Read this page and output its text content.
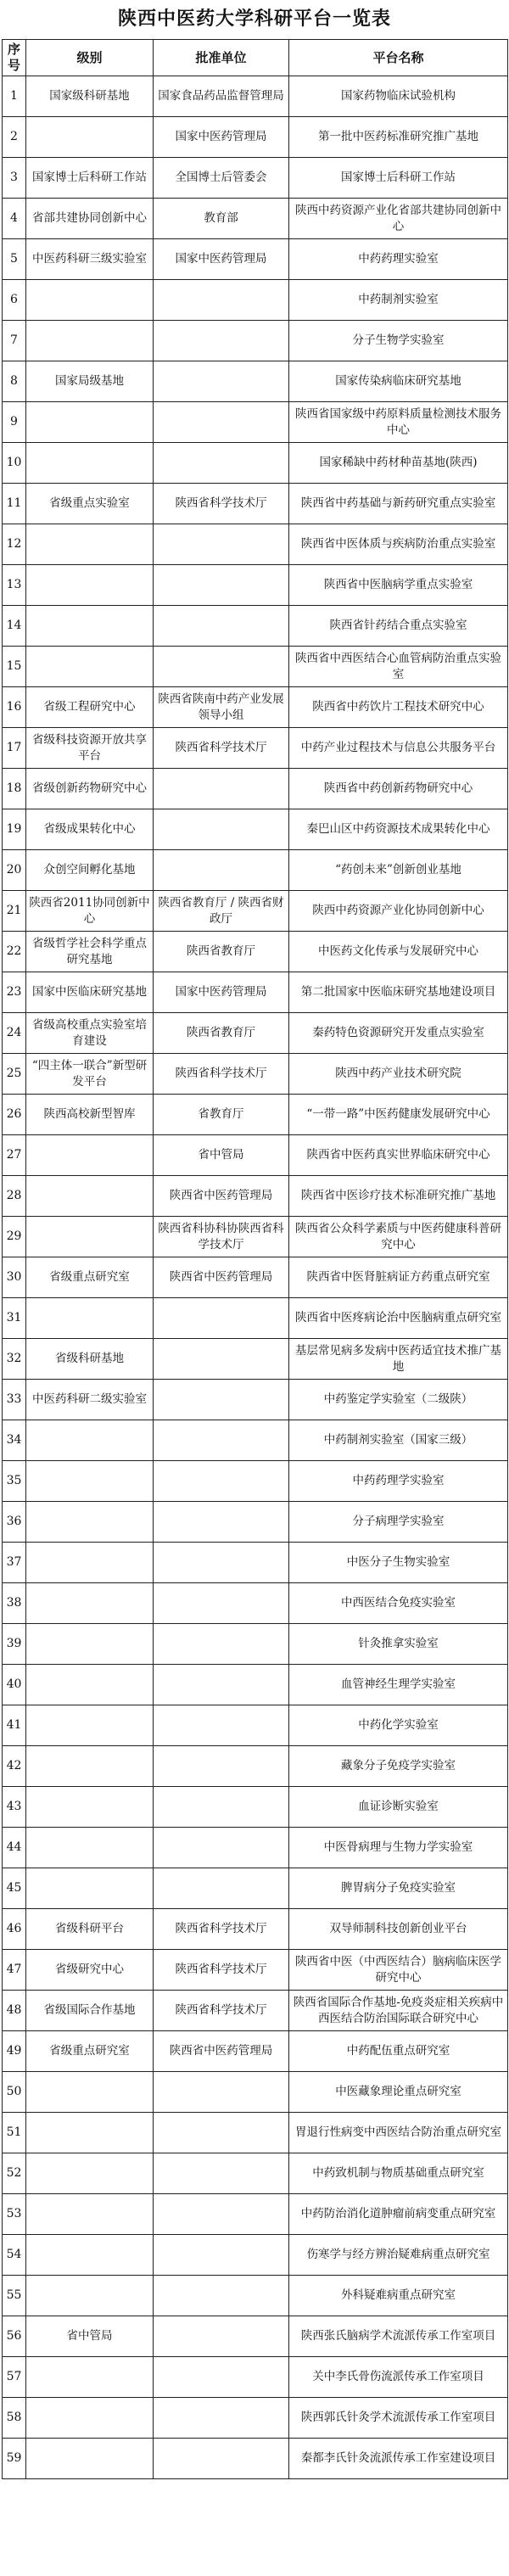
陕西中医药大学科研平台一览表
序号	级别	批准单位	平台名称
1	国家级科研基地	国家食品药品监督管理局	国家药物临床试验机构
2		国家中医药管理局	第一批中医药标准研究推广基地
3	国家博士后科研工作站	全国博士后管委会	国家博士后科研工作站
4	省部共建协同创新中心	教育部	陕西中药资源产业化省部共建协同创新中心
5	中医药科研三级实验室	国家中医药管理局	中药药理实验室
6			中药制剂实验室
7			分子生物学实验室
8	国家局级基地		国家传染病临床研究基地
9			陕西省国家级中药原料质量检测技术服务中心
10			国家稀缺中药材种苗基地(陕西)
11	省级重点实验室	陕西省科学技术厅	陕西省中药基础与新药研究重点实验室
12			陕西省中医体质与疾病防治重点实验室
13			陕西省中医脑病学重点实验室
14			陕西省针药结合重点实验室
15			陕西省中西医结合心血管病防治重点实验室
16	省级工程研究中心	陕西省陕南中药产业发展领导小组	陕西省中药饮片工程技术研究中心
17	省级科技资源开放共享平台	陕西省科学技术厅	中药产业过程技术与信息公共服务平台
18	省级创新药物研究中心		陕西省中药创新药物研究中心
19	省级成果转化中心		秦巴山区中药资源技术成果转化中心
20	众创空间孵化基地		“药创未来”创新创业基地
21	陕西省2011协同创新中心	陕西省教育厅 / 陕西省财政厅	陕西中药资源产业化协同创新中心
22	省级哲学社会科学重点研究基地	陕西省教育厅	中医药文化传承与发展研究中心
23	国家中医临床研究基地	国家中医药管理局	第二批国家中医临床研究基地建设项目
24	省级高校重点实验室培育建设	陕西省教育厅	秦药特色资源研究开发重点实验室
25	“四主体一联合”新型研发平台	陕西省科学技术厅	陕西中药产业技术研究院
26	陕西高校新型智库	省教育厅	“一带一路”中医药健康发展研究中心
27		省中管局	陕西省中医药真实世界临床研究中心
28		陕西省中医药管理局	陕西省中医诊疗技术标准研究推广基地
29		陕西省科协科协陕西省科学技术厅	陕西省公众科学素质与中医药健康科普研究中心
30	省级重点研究室	陕西省中医药管理局	陕西省中医肾脏病证方药重点研究室
31			陕西省中医疼病论治中医脑病重点研究室
32	省级科研基地		基层常见病多发病中医药适宜技术推广基地
33	中医药科研二级实验室		中药鉴定学实验室（二级陕）
34			中药制剂实验室（国家三级）
35			中药药理学实验室
36			分子病理学实验室
37			中医分子生物实验室
38			中西医结合免疫实验室
39			针灸推拿实验室
40			血管神经生理学实验室
41			中药化学实验室
42			藏象分子免疫学实验室
43			血证诊断实验室
44			中医骨病理与生物力学实验室
45			脾胃病分子免疫实验室
46	省级科研平台	陕西省科学技术厅	双导师制科技创新创业平台
47	省级研究中心	陕西省科学技术厅	陕西省中医（中西医结合）脑病临床医学研究中心
48	省级国际合作基地	陕西省科学技术厅	陕西省国际合作基地-免疫炎症相关疾病中西医结合防治国际联合研究中心
49	省级重点研究室	陕西省中医药管理局	中药配伍重点研究室
50			中医藏象理论重点研究室
51			胃退行性病变中西医结合防治重点研究室
52			中药致机制与物质基础重点研究室
53			中药防治消化道肿瘤前病变重点研究室
54			伤寒学与经方辨治疑难病重点研究室
55			外科疑难病重点研究室
56	省中管局		陕西张氏脑病学术流派传承工作室项目
57			关中李氏骨伤流派传承工作室项目
58			陕西郭氏针灸学术流派传承工作室项目
59			秦都李氏针灸流派传承工作室建设项目
